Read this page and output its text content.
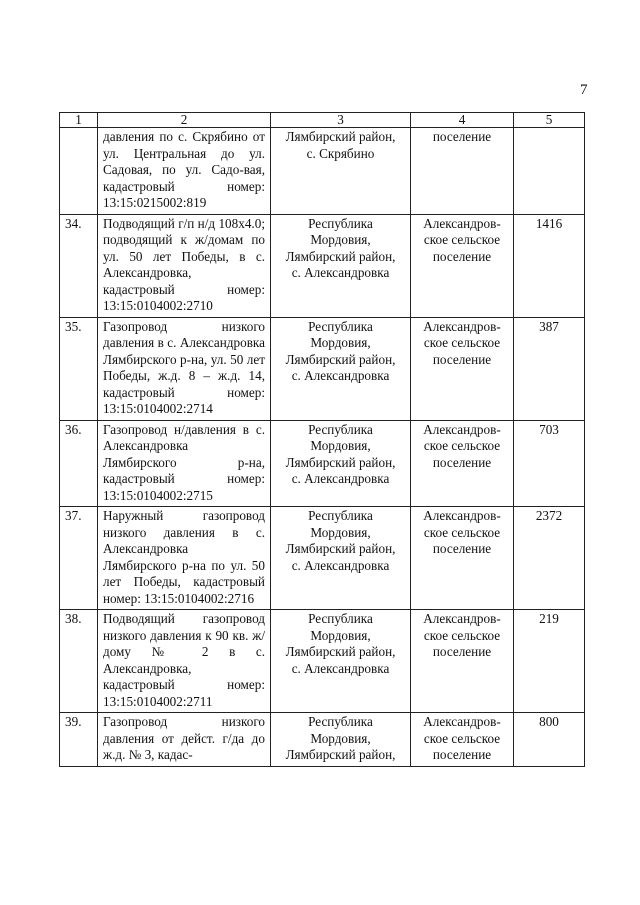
7
1	2	3	4	5
	давления по с. Скрябино от ул. Центральная до ул. Садовая, по ул. Садо-вая, кадастровый номер: 13:15:0215002:819	Лямбирский район,
с. Скрябино	поселение	

34.	Подводящий г/п н/д 108х4.0; подводящий к ж/домам по ул. 50 лет Победы, в с. Александровка, кадастровый номер: 13:15:0104002:2710	Республика
Мордовия,
Лямбирский район,
с. Александровка	Александров-
ское сельское
поселение	1416
35.	Газопровод низкого давления в с. Александровка Лямбирского р-на, ул. 50 лет Победы, ж.д. 8 – ж.д. 14, кадастровый номер: 13:15:0104002:2714	Республика
Мордовия,
Лямбирский район,
с. Александровка	Александров-
ское сельское
поселение	387
36.	Газопровод н/давления в с. Александровка Лямбирского р-на, кадастровый номер: 13:15:0104002:2715	Республика
Мордовия,
Лямбирский район,
с. Александровка	Александров-
ское сельское
поселение	703
37.	Наружный газопровод низкого давления в с. Александровка Лямбирского р-на по ул. 50 лет Победы, кадастровый номер: 13:15:0104002:2716	Республика
Мордовия,
Лямбирский район,
с. Александровка	Александров-
ское сельское
поселение	2372
38.	Подводящий газопровод низкого давления к 90 кв. ж/дому № 2 в с. Александровка, кадастровый номер: 13:15:0104002:2711	Республика
Мордовия,
Лямбирский район,
с. Александровка	Александров-
ское сельское
поселение	219
39.	Газопровод низкого давления от дейст. г/да до ж.д. № 3, кадас-	Республика
Мордовия,
Лямбирский район,	Александров-
ское сельское
поселение	800
